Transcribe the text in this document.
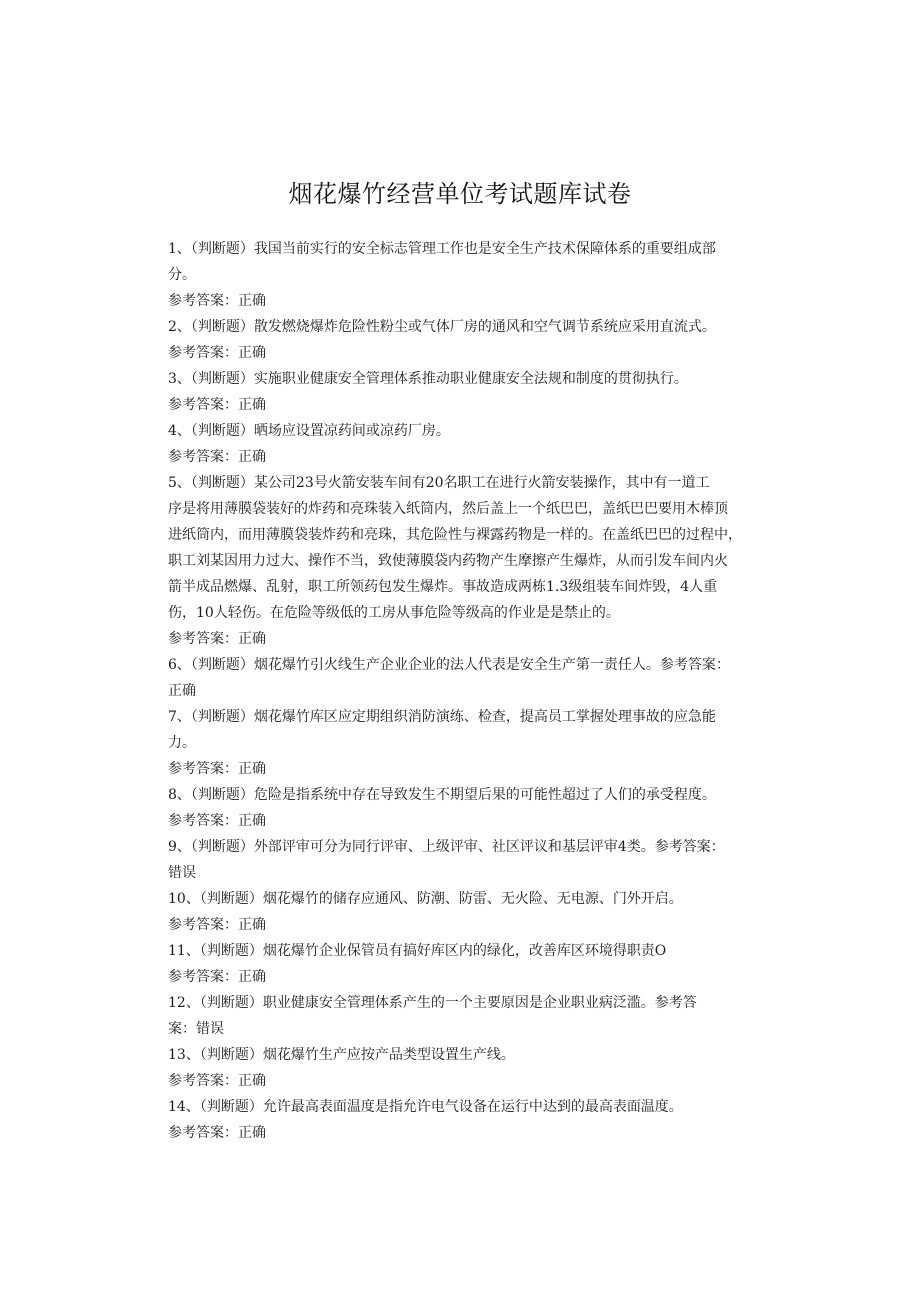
烟花爆竹经营单位考试题库试卷
1、（判断题）我国当前实行的安全标志管理工作也是安全生产技术保障体系的重要组成部
分。
参考答案：正确
2、（判断题）散发燃烧爆炸危险性粉尘或气体厂房的通风和空气调节系统应采用直流式。
参考答案：正确
3、（判断题）实施职业健康安全管理体系推动职业健康安全法规和制度的贯彻执行。
参考答案：正确
4、（判断题）晒场应设置凉药间或凉药厂房。
参考答案：正确
5、（判断题）某公司23号火箭安装车间有20名职工在进行火箭安装操作，其中有一道工
序是将用薄膜袋装好的炸药和亮珠装入纸筒内，然后盖上一个纸巴巴，盖纸巴巴要用木棒顶
进纸筒内，而用薄膜袋装炸药和亮珠，其危险性与裸露药物是一样的。在盖纸巴巴的过程中，
职工刘某因用力过大、操作不当，致使薄膜袋内药物产生摩擦产生爆炸，从而引发车间内火
箭半成品燃爆、乱射，职工所领药包发生爆炸。事故造成两栋1.3级组装车间炸毁，4人重
伤，10人轻伤。在危险等级低的工房从事危险等级高的作业是是禁止的。
参考答案：正确
6、（判断题）烟花爆竹引火线生产企业企业的法人代表是安全生产第一责任人。参考答案：
正确
7、（判断题）烟花爆竹库区应定期组织消防演练、检查，提高员工掌握处理事故的应急能
力。
参考答案：正确
8、（判断题）危险是指系统中存在导致发生不期望后果的可能性超过了人们的承受程度。
参考答案：正确
9、（判断题）外部评审可分为同行评审、上级评审、社区评议和基层评审4类。参考答案：
错误
10、（判断题）烟花爆竹的储存应通风、防潮、防雷、无火险、无电源、门外开启。
参考答案：正确
11、（判断题）烟花爆竹企业保管员有搞好库区内的绿化，改善库区环境得职责O
参考答案：正确
12、（判断题）职业健康安全管理体系产生的一个主要原因是企业职业病泛滥。参考答
案：错误
13、（判断题）烟花爆竹生产应按产品类型设置生产线。
参考答案：正确
14、（判断题）允许最高表面温度是指允许电气设备在运行中达到的最高表面温度。
参考答案：正确
